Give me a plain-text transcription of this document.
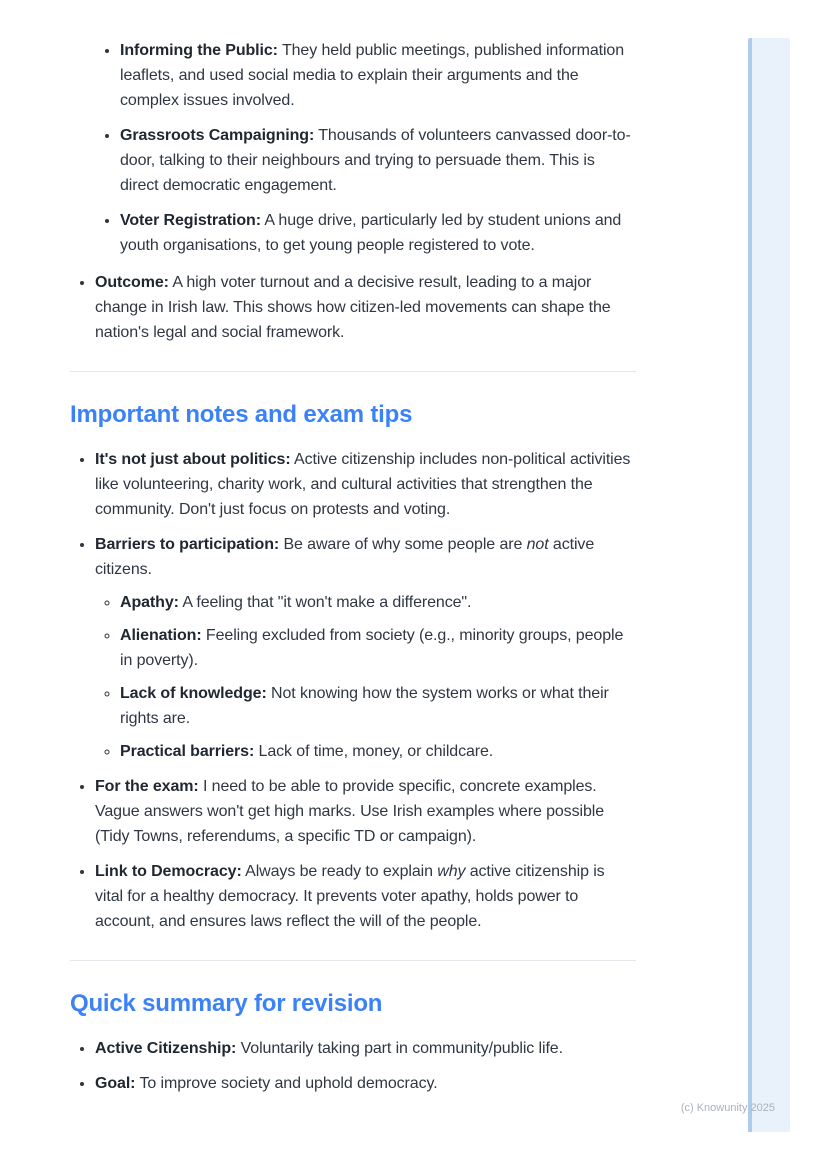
• Informing the Public: They held public meetings, published information leaflets, and used social media to explain their arguments and the complex issues involved.
• Grassroots Campaigning: Thousands of volunteers canvassed door-to-door, talking to their neighbours and trying to persuade them. This is direct democratic engagement.
• Voter Registration: A huge drive, particularly led by student unions and youth organisations, to get young people registered to vote.
• Outcome: A high voter turnout and a decisive result, leading to a major change in Irish law. This shows how citizen-led movements can shape the nation's legal and social framework.
Important notes and exam tips
• It's not just about politics: Active citizenship includes non-political activities like volunteering, charity work, and cultural activities that strengthen the community. Don't just focus on protests and voting.
• Barriers to participation: Be aware of why some people are not active citizens.
◦ Apathy: A feeling that "it won't make a difference".
◦ Alienation: Feeling excluded from society (e.g., minority groups, people in poverty).
◦ Lack of knowledge: Not knowing how the system works or what their rights are.
◦ Practical barriers: Lack of time, money, or childcare.
• For the exam: I need to be able to provide specific, concrete examples. Vague answers won't get high marks. Use Irish examples where possible (Tidy Towns, referendums, a specific TD or campaign).
• Link to Democracy: Always be ready to explain why active citizenship is vital for a healthy democracy. It prevents voter apathy, holds power to account, and ensures laws reflect the will of the people.
Quick summary for revision
• Active Citizenship: Voluntarily taking part in community/public life.
• Goal: To improve society and uphold democracy.
(c) Knowunity 2025
